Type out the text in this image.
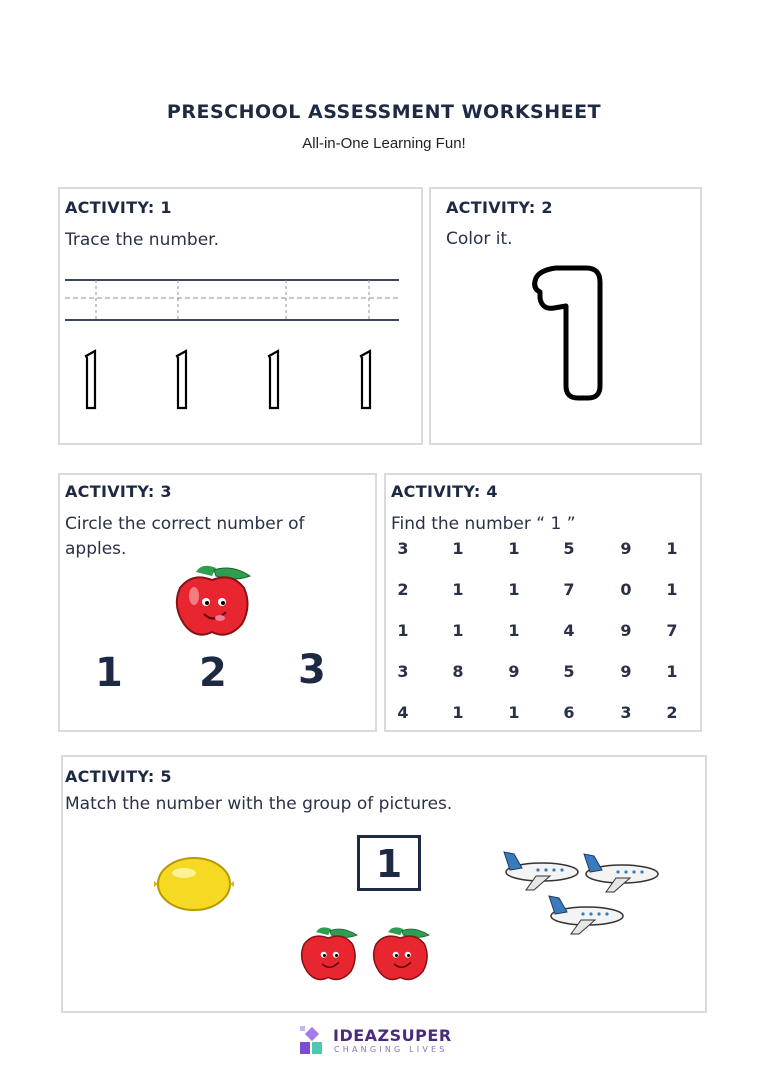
PRESCHOOL ASSESSMENT WORKSHEET
All-in-One Learning Fun!
ACTIVITY: 1
Trace the number.
ACTIVITY: 2
Color it.
ACTIVITY: 3
Circle the correct number of
apples.
1 2 3
ACTIVITY: 4
Find the number “ 1 ”
3	1	1	5	9	1
2	1	1	7	0	1
1	1	1	4	9	7
3	8	9	5	9	1
4	1	1	6	3	2
ACTIVITY: 5
Match the number with the group of pictures.
1
IDEAZSUPER
CHANGING LIVES
